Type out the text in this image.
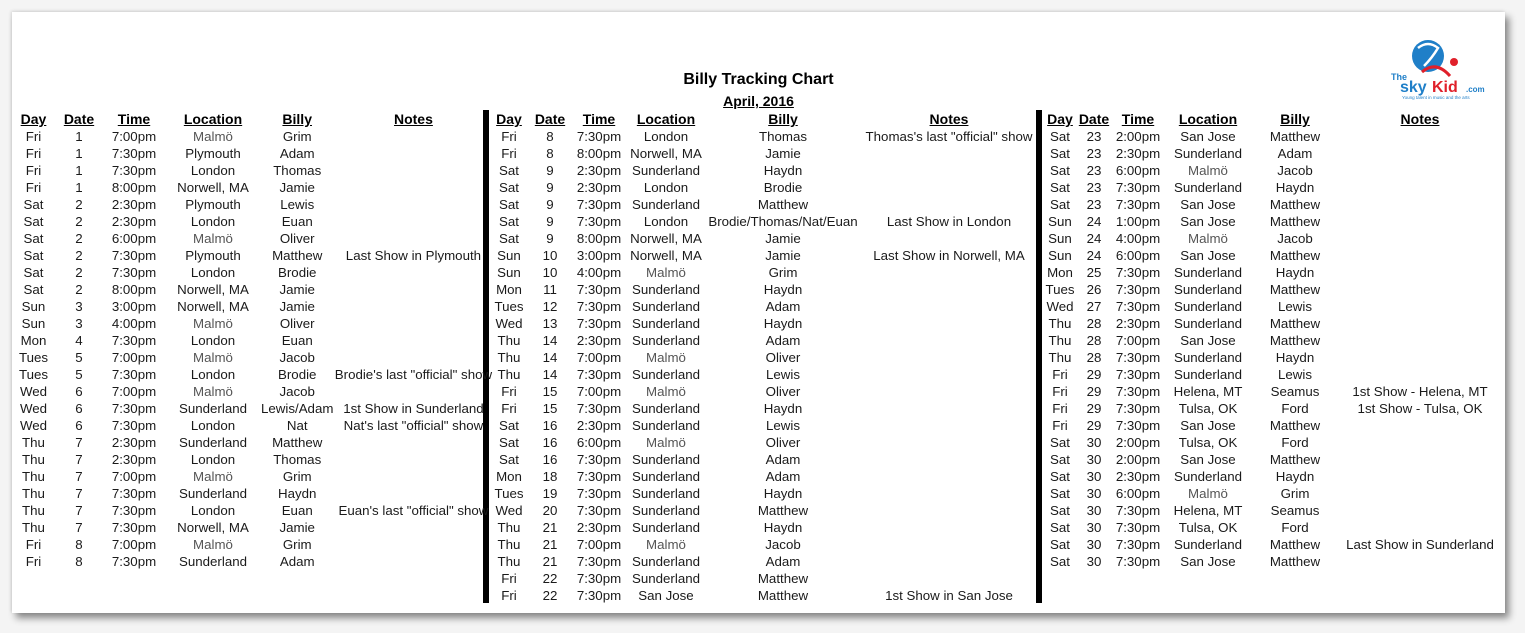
Billy Tracking Chart
April, 2016
The
sky Kid .com
Young talent in music and the arts
Day	Date	Time	Location	Billy	Notes
Fri	1	7:00pm	Malmö	Grim	
Fri	1	7:30pm	Plymouth	Adam	
Fri	1	7:30pm	London	Thomas	
Fri	1	8:00pm	Norwell, MA	Jamie	
Sat	2	2:30pm	Plymouth	Lewis	
Sat	2	2:30pm	London	Euan	
Sat	2	6:00pm	Malmö	Oliver	
Sat	2	7:30pm	Plymouth	Matthew	Last Show in Plymouth
Sat	2	7:30pm	London	Brodie	
Sat	2	8:00pm	Norwell, MA	Jamie	
Sun	3	3:00pm	Norwell, MA	Jamie	
Sun	3	4:00pm	Malmö	Oliver	
Mon	4	7:30pm	London	Euan	
Tues	5	7:00pm	Malmö	Jacob	
Tues	5	7:30pm	London	Brodie	Brodie's last "official" show
Wed	6	7:00pm	Malmö	Jacob	
Wed	6	7:30pm	Sunderland	Lewis/Adam	1st Show in Sunderland
Wed	6	7:30pm	London	Nat	Nat's last "official" show
Thu	7	2:30pm	Sunderland	Matthew	
Thu	7	2:30pm	London	Thomas	
Thu	7	7:00pm	Malmö	Grim	
Thu	7	7:30pm	Sunderland	Haydn	
Thu	7	7:30pm	London	Euan	Euan's last "official" show
Thu	7	7:30pm	Norwell, MA	Jamie	
Fri	8	7:00pm	Malmö	Grim	
Fri	8	7:30pm	Sunderland	Adam	
Day	Date	Time	Location	Billy	Notes
Fri	8	7:30pm	London	Thomas	Thomas's last "official" show
Fri	8	8:00pm	Norwell, MA	Jamie	
Sat	9	2:30pm	Sunderland	Haydn	
Sat	9	2:30pm	London	Brodie	
Sat	9	7:30pm	Sunderland	Matthew	
Sat	9	7:30pm	London	Brodie/Thomas/Nat/Euan	Last Show in London
Sat	9	8:00pm	Norwell, MA	Jamie	
Sun	10	3:00pm	Norwell, MA	Jamie	Last Show in Norwell, MA
Sun	10	4:00pm	Malmö	Grim	
Mon	11	7:30pm	Sunderland	Haydn	
Tues	12	7:30pm	Sunderland	Adam	
Wed	13	7:30pm	Sunderland	Haydn	
Thu	14	2:30pm	Sunderland	Adam	
Thu	14	7:00pm	Malmö	Oliver	
Thu	14	7:30pm	Sunderland	Lewis	
Fri	15	7:00pm	Malmö	Oliver	
Fri	15	7:30pm	Sunderland	Haydn	
Sat	16	2:30pm	Sunderland	Lewis	
Sat	16	6:00pm	Malmö	Oliver	
Sat	16	7:30pm	Sunderland	Adam	
Mon	18	7:30pm	Sunderland	Adam	
Tues	19	7:30pm	Sunderland	Haydn	
Wed	20	7:30pm	Sunderland	Matthew	
Thu	21	2:30pm	Sunderland	Haydn	
Thu	21	7:00pm	Malmö	Jacob	
Thu	21	7:30pm	Sunderland	Adam	
Fri	22	7:30pm	Sunderland	Matthew	
Fri	22	7:30pm	San Jose	Matthew	1st Show in San Jose
Day	Date	Time	Location	Billy	Notes
Sat	23	2:00pm	San Jose	Matthew	
Sat	23	2:30pm	Sunderland	Adam	
Sat	23	6:00pm	Malmö	Jacob	
Sat	23	7:30pm	Sunderland	Haydn	
Sat	23	7:30pm	San Jose	Matthew	
Sun	24	1:00pm	San Jose	Matthew	
Sun	24	4:00pm	Malmö	Jacob	
Sun	24	6:00pm	San Jose	Matthew	
Mon	25	7:30pm	Sunderland	Haydn	
Tues	26	7:30pm	Sunderland	Matthew	
Wed	27	7:30pm	Sunderland	Lewis	
Thu	28	2:30pm	Sunderland	Matthew	
Thu	28	7:00pm	San Jose	Matthew	
Thu	28	7:30pm	Sunderland	Haydn	
Fri	29	7:30pm	Sunderland	Lewis	
Fri	29	7:30pm	Helena, MT	Seamus	1st Show - Helena, MT
Fri	29	7:30pm	Tulsa, OK	Ford	1st Show - Tulsa, OK
Fri	29	7:30pm	San Jose	Matthew	
Sat	30	2:00pm	Tulsa, OK	Ford	
Sat	30	2:00pm	San Jose	Matthew	
Sat	30	2:30pm	Sunderland	Haydn	
Sat	30	6:00pm	Malmö	Grim	
Sat	30	7:30pm	Helena, MT	Seamus	
Sat	30	7:30pm	Tulsa, OK	Ford	
Sat	30	7:30pm	Sunderland	Matthew	Last Show in Sunderland
Sat	30	7:30pm	San Jose	Matthew	
